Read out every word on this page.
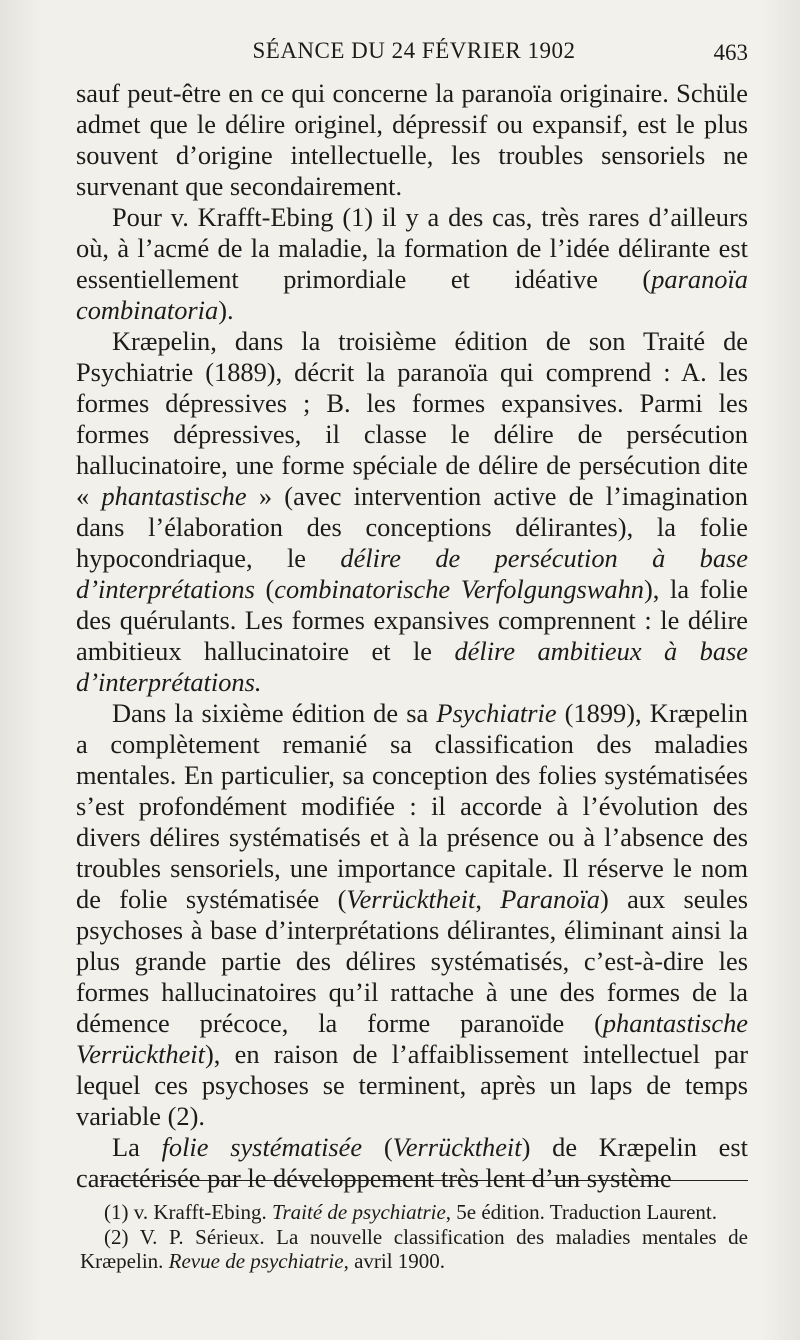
SÉANCE DU 24 FÉVRIER 1902	463

sauf peut-être en ce qui concerne la paranoïa originaire. Schüle admet que le délire originel, dépressif ou expansif, est le plus souvent d’origine intellectuelle, les troubles sensoriels ne survenant que secondairement.

Pour v. Krafft-Ebing (1) il y a des cas, très rares d’ailleurs où, à l’acmé de la maladie, la formation de l’idée délirante est essentiellement primordiale et idéative (paranoïa combinatoria).

Kræpelin, dans la troisième édition de son Traité de Psychiatrie (1889), décrit la paranoïa qui comprend : A. les formes dépressives ; B. les formes expansives. Parmi les formes dépressives, il classe le délire de persécution hallucinatoire, une forme spéciale de délire de persécution dite « phantastische » (avec intervention active de l’imagination dans l’élaboration des conceptions délirantes), la folie hypocondriaque, le délire de persécution à base d’interprétations (combinatorische Verfolgungswahn), la folie des quérulants. Les formes expansives comprennent : le délire ambitieux hallucinatoire et le délire ambitieux à base d’interprétations.

Dans la sixième édition de sa Psychiatrie (1899), Kræpelin a complètement remanié sa classification des maladies mentales. En particulier, sa conception des folies systématisées s’est profondément modifiée : il accorde à l’évolution des divers délires systématisés et à la présence ou à l’absence des troubles sensoriels, une importance capitale. Il réserve le nom de folie systématisée (Verrücktheit, Paranoïa) aux seules psychoses à base d’interprétations délirantes, éliminant ainsi la plus grande partie des délires systématisés, c’est-à-dire les formes hallucinatoires qu’il rattache à une des formes de la démence précoce, la forme paranoïde (phantastische Verrücktheit), en raison de l’affaiblissement intellectuel par lequel ces psychoses se terminent, après un laps de temps variable (2).

La folie systématisée (Verrücktheit) de Kræpelin est caractérisée par le développement très lent d’un système

(1) v. Krafft-Ebing. Traité de psychiatrie, 5e édition. Traduction Laurent.

(2) V. P. Sérieux. La nouvelle classification des maladies mentales de Kræpelin. Revue de psychiatrie, avril 1900.
